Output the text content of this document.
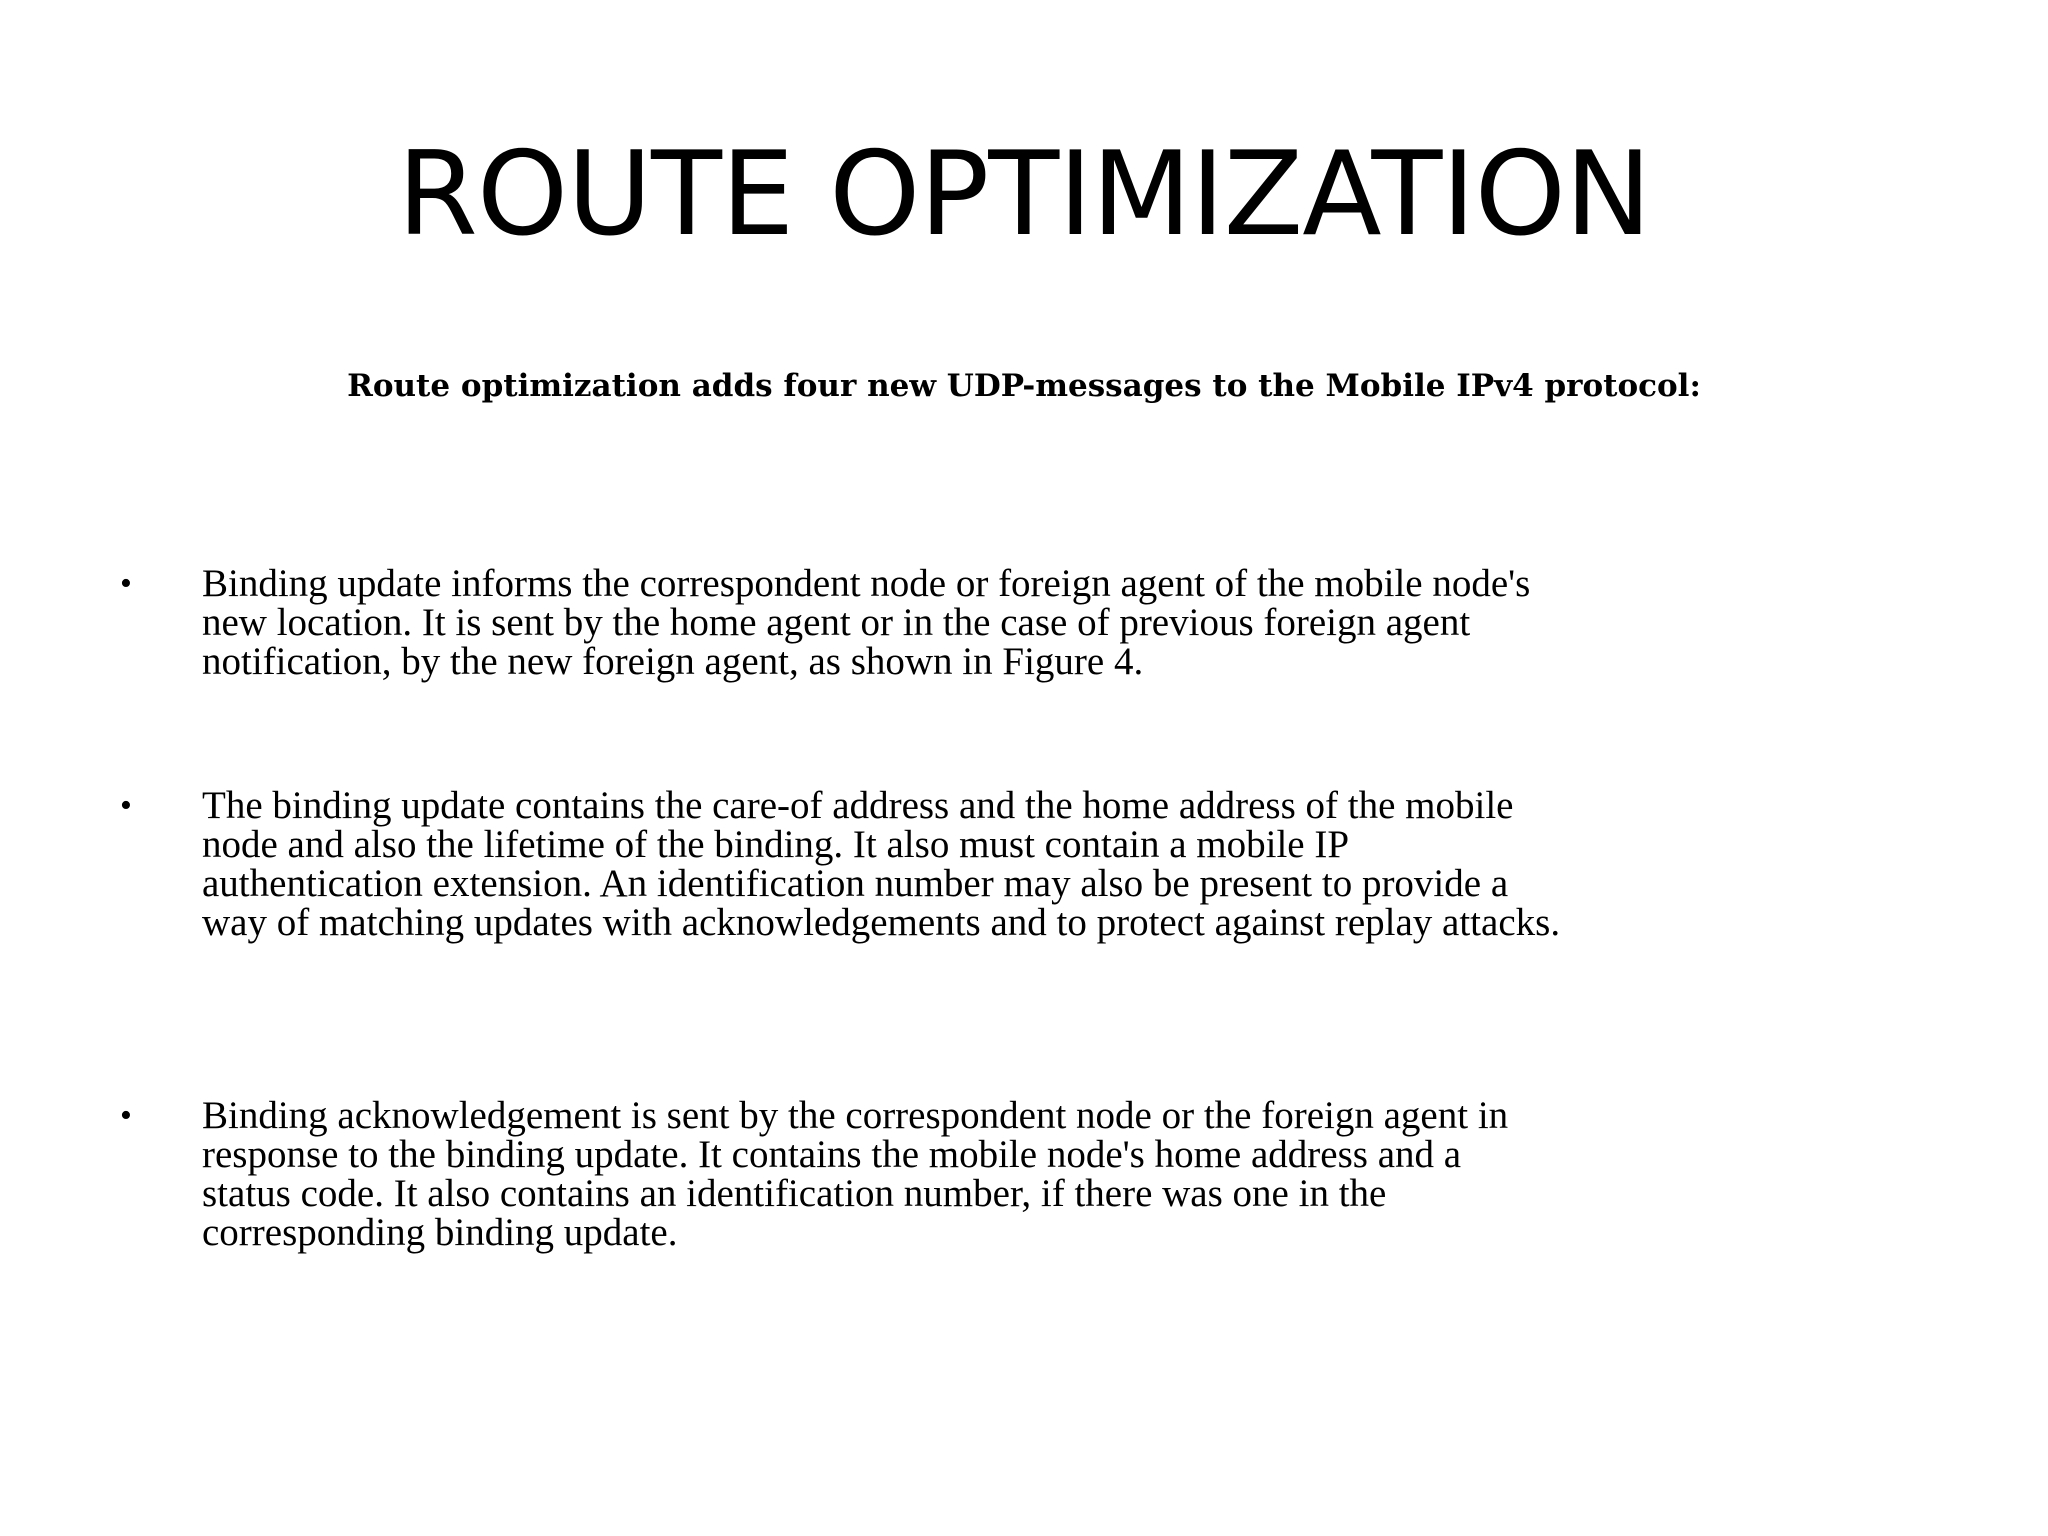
ROUTE OPTIMIZATION

Route optimization adds four new UDP-messages to the Mobile IPv4 protocol:

•	Binding update informs the correspondent node or foreign agent of the mobile node's
new location. It is sent by the home agent or in the case of previous foreign agent
notification, by the new foreign agent, as shown in Figure 4.
•	The binding update contains the care-of address and the home address of the mobile
node and also the lifetime of the binding. It also must contain a mobile IP
authentication extension. An identification number may also be present to provide a
way of matching updates with acknowledgements and to protect against replay attacks.
•	Binding acknowledgement is sent by the correspondent node or the foreign agent in
response to the binding update. It contains the mobile node's home address and a
status code. It also contains an identification number, if there was one in the
corresponding binding update.
